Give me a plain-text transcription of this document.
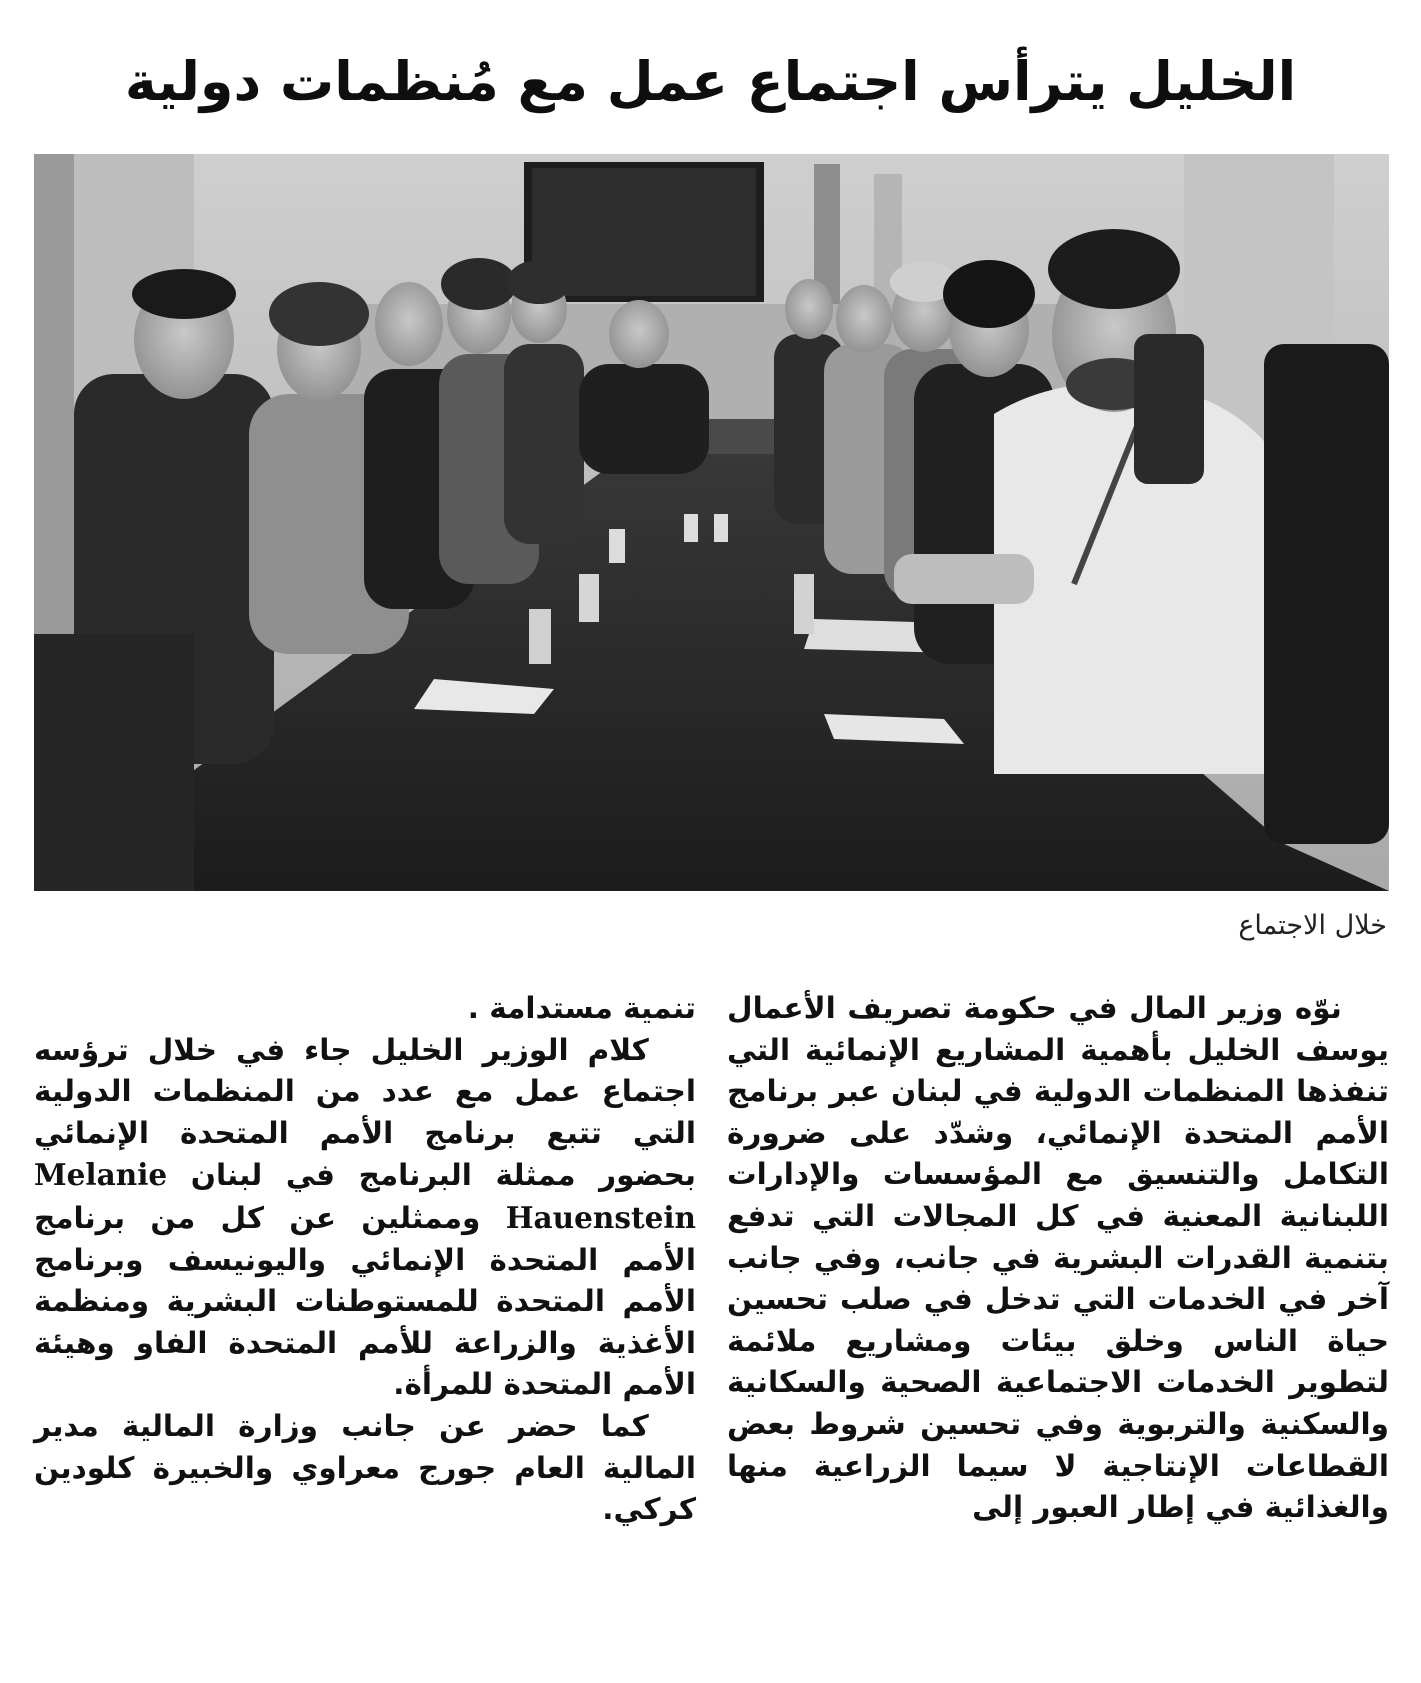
الخليل يترأس اجتماع عمل مع مُنظمات دولية
خلال الاجتماع

نوّه وزير المال في حكومة تصريف الأعمال يوسف الخليل بأهمية المشاريع الإنمائية التي تنفذها المنظمات الدولية في لبنان عبر برنامج الأمم المتحدة الإنمائي، وشدّد على ضرورة التكامل والتنسيق مع المؤسسات والإدارات اللبنانية المعنية في كل المجالات التي تدفع بتنمية القدرات البشرية في جانب، وفي جانب آخر في الخدمات التي تدخل في صلب تحسين حياة الناس وخلق بيئات ومشاريع ملائمة لتطوير الخدمات الاجتماعية الصحية والسكانية والسكنية والتربوية وفي تحسين شروط بعض القطاعات الإنتاجية لا سيما الزراعية منها والغذائية في إطار العبور إلى

تنمية مستدامة .

كلام الوزير الخليل جاء في خلال ترؤسه اجتماع عمل مع عدد من المنظمات الدولية التي تتبع برنامج الأمم المتحدة الإنمائي بحضور ممثلة البرنامج في لبنان Melanie Hauenstein وممثلين عن كل من برنامج الأمم المتحدة الإنمائي واليونيسف وبرنامج الأمم المتحدة للمستوطنات البشرية ومنظمة الأغذية والزراعة للأمم المتحدة الفاو وهيئة الأمم المتحدة للمرأة.

كما حضر عن جانب وزارة المالية مدير المالية العام جورج معراوي والخبيرة كلودين كركي.
